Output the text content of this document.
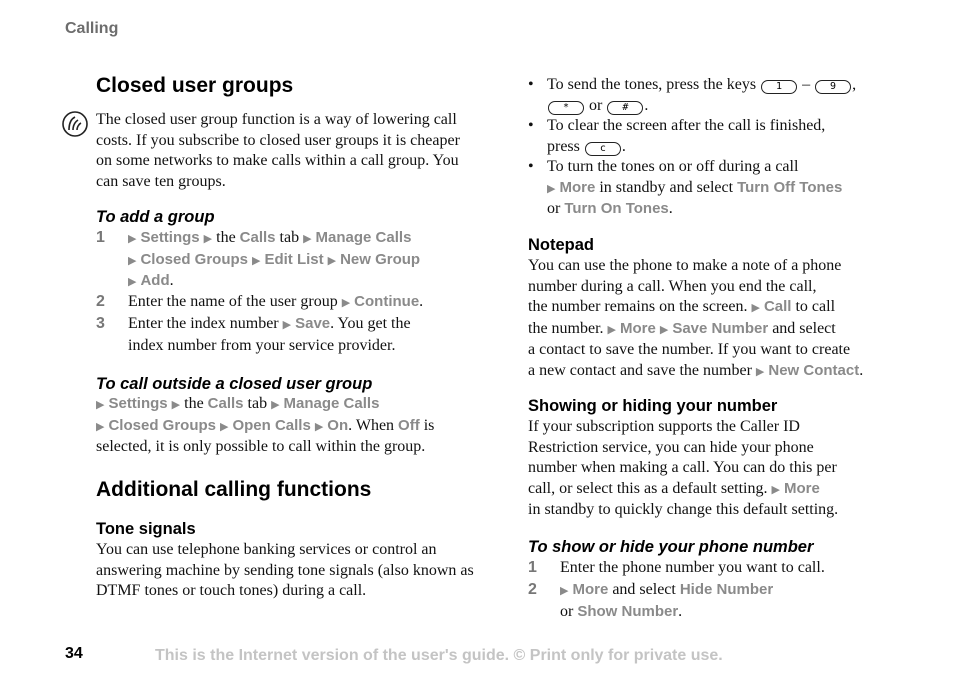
Calling
Closed user groups
The closed user group function is a way of lowering call costs. If you subscribe to closed user groups it is cheaper on some networks to make calls within a call group. You can save ten groups.
To add a group
1 ▶ Settings ▶ the Calls tab ▶ Manage Calls
▶ Closed Groups ▶ Edit List ▶ New Group
▶ Add.
2 Enter the name of the user group ▶ Continue.
3 Enter the index number ▶ Save. You get the
index number from your service provider.
To call outside a closed user group
▶ Settings ▶ the Calls tab ▶ Manage Calls
▶ Closed Groups ▶ Open Calls ▶ On. When Off is
selected, it is only possible to call within the group.
Additional calling functions
Tone signals
You can use telephone banking services or control an answering machine by sending tone signals (also known as DTMF tones or touch tones) during a call.
• To send the tones, press the keys 1 – 9 ,
* or # .
• To clear the screen after the call is finished,
press c .
• To turn the tones on or off during a call
▶ More in standby and select Turn Off Tones
or Turn On Tones.
Notepad
You can use the phone to make a note of a phone
number during a call. When you end the call,
the number remains on the screen. ▶ Call to call
the number. ▶ More ▶ Save Number and select
a contact to save the number. If you want to create
a new contact and save the number ▶ New Contact.
Showing or hiding your number
If your subscription supports the Caller ID
Restriction service, you can hide your phone
number when making a call. You can do this per
call, or select this as a default setting. ▶ More
in standby to quickly change this default setting.
To show or hide your phone number
1 Enter the phone number you want to call.
2 ▶ More and select Hide Number
or Show Number.
34	This is the Internet version of the user's guide. © Print only for private use.
